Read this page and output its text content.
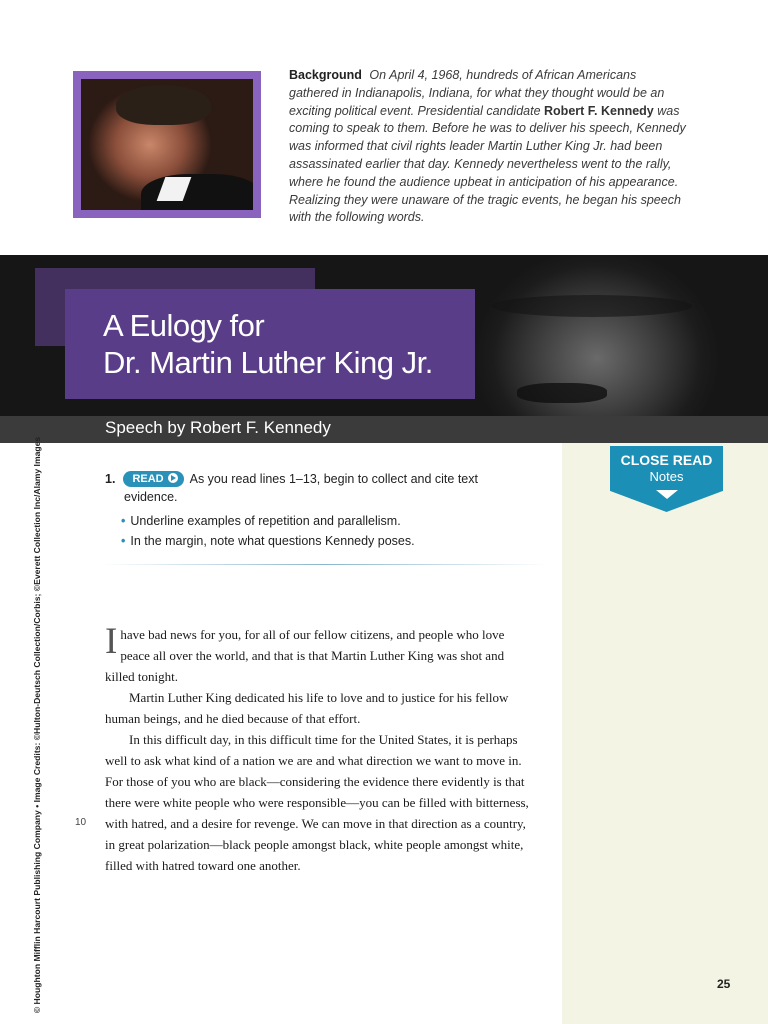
Background On April 4, 1968, hundreds of African Americans gathered in Indianapolis, Indiana, for what they thought would be an exciting political event. Presidential candidate Robert F. Kennedy was coming to speak to them. Before he was to deliver his speech, Kennedy was informed that civil rights leader Martin Luther King Jr. had been assassinated earlier that day. Kennedy nevertheless went to the rally, where he found the audience upbeat in anticipation of his appearance. Realizing they were unaware of the tragic events, he began his speech with the following words.
A Eulogy for
Dr. Martin Luther King Jr.
Speech by Robert F. Kennedy
CLOSE READ
Notes
1. READ As you read lines 1–13, begin to collect and cite text
evidence.
• Underline examples of repetition and parallelism.
• In the margin, note what questions Kennedy poses.

I have bad news for you, for all of our fellow citizens, and people who love peace all over the world, and that is that Martin Luther King was shot and killed tonight.

Martin Luther King dedicated his life to love and to justice for his fellow human beings, and he died because of that effort.

In this difficult day, in this difficult time for the United States, it is perhaps well to ask what kind of a nation we are and what direction we want to move in. For those of you who are black—considering the evidence there evidently is that there were white people who were responsible—you can be filled with bitterness, with hatred, and a desire for revenge. We can move in that direction as a country, in great polarization—black people amongst black, white people amongst white, filled with hatred toward one another.

10
© Houghton Mifflin Harcourt Publishing Company • Image Credits: ©Hulton-Deutsch Collection/Corbis; ©Everett Collection Inc/Alamy Images	25
